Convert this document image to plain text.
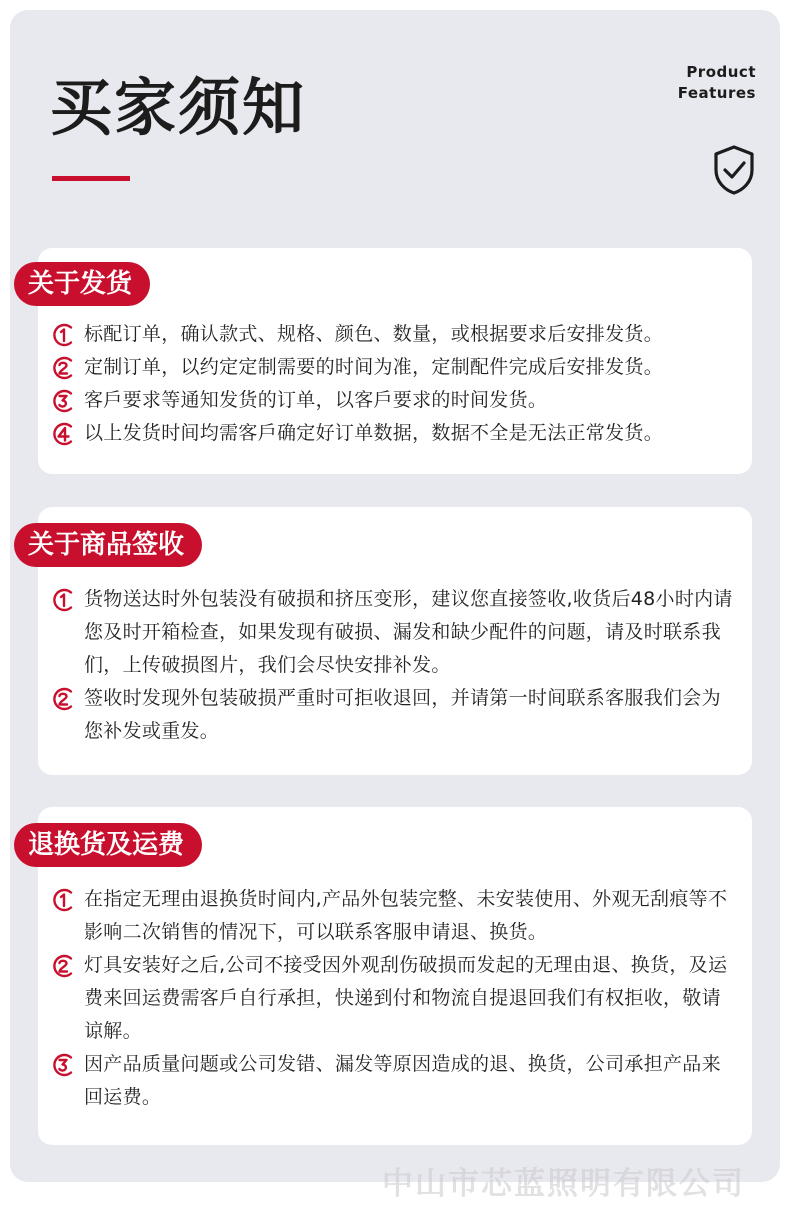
买家须知	Product
Features
关于发货
标配订单，确认款式、规格、颜色、数量，或根据要求后安排发货。
定制订单，以约定定制需要的时间为准，定制配件完成后安排发货。
客戶要求等通知发货的订单，以客戶要求的时间发货。
以上发货时间均需客戶确定好订单数据，数据不全是无法正常发货。
关于商品签收
货物送达时外包装没有破损和挤压变形，建议您直接签收,收货后48小时内请您及时开箱检查，如果发现有破损、漏发和缺少配件的问题，请及时联系我们，上传破损图片，我们会尽快安排补发。
签收时发现外包装破损严重时可拒收退回，并请第一时间联系客服我们会为您补发或重发。
退换货及运费
在指定无理由退换货时间内,产品外包装完整、未安装使用、外观无刮痕等不影响二次销售的情况下，可以联系客服申请退、换货。
灯具安装好之后,公司不接受因外观刮伤破损而发起的无理由退、换货，及运费来回运费需客戶自行承担，快递到付和物流自提退回我们有权拒收，敬请谅解。
因产品质量问题或公司发错、漏发等原因造成的退、换货，公司承担产品来回运费。
中山市芯蓝照明有限公司
